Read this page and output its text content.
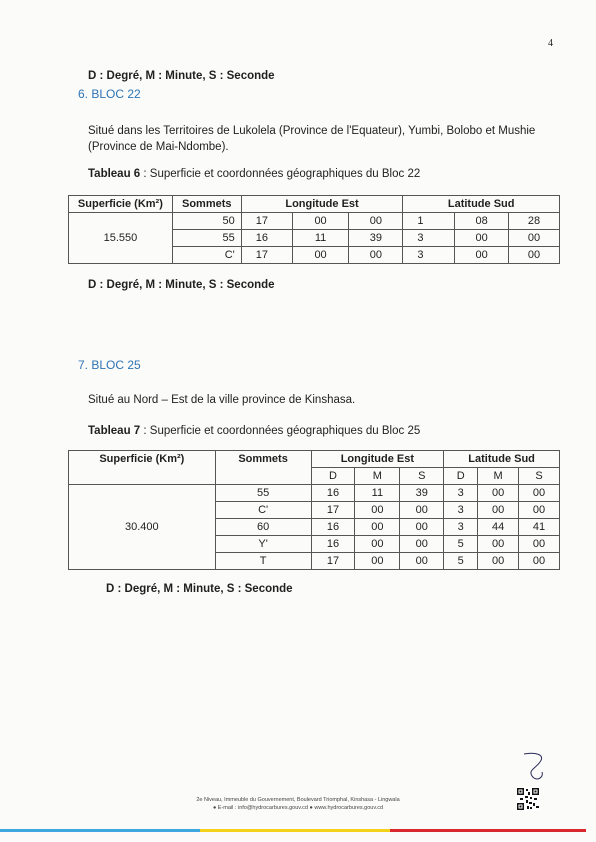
4
D : Degré, M : Minute, S : Seconde
6. BLOC 22
Situé dans les Territoires de Lukolela (Province de l'Equateur), Yumbi, Bolobo et Mushie
(Province de Mai-Ndombe).
Tableau 6 : Superficie et coordonnées géographiques du Bloc 22
Superficie (Km²)	Sommets	Longitude Est			Latitude Sud		
15.550	50	17	00	00	1	08	28
	55	16	11	39	3	00	00
	C'	17	00	00	3	00	00
D : Degré, M : Minute, S : Seconde
7. BLOC 25
Situé au Nord – Est de la ville province de Kinshasa.
Tableau 7 : Superficie et coordonnées géographiques du Bloc 25
Superficie (Km²)	Sommets	Longitude Est			Latitude Sud		
		D	M	S	D	M	S
30.400	55	16	11	39	3	00	00
	C'	17	00	00	3	00	00
	60	16	00	00	3	44	41
	Y'	16	00	00	5	00	00
	T	17	00	00	5	00	00
D : Degré, M : Minute, S : Seconde
2e Niveau, Immeuble du Gouvernement, Boulevard Triomphal, Kinshasa - Lingwala
● E-mail : info@hydrocarbures.gouv.cd ● www.hydrocarbures.gouv.cd
